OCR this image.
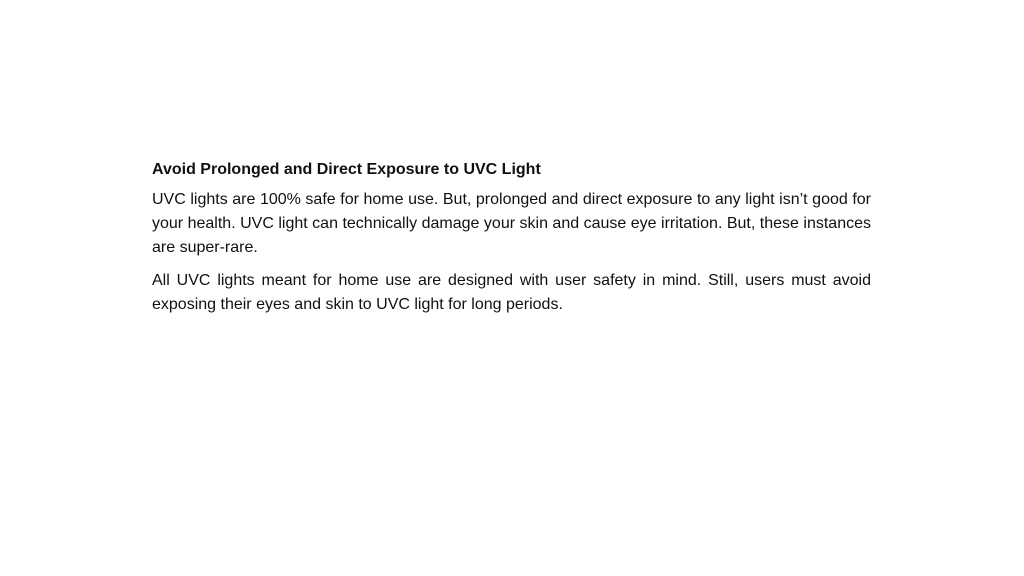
Avoid Prolonged and Direct Exposure to UVC Light

UVC lights are 100% safe for home use. But, prolonged and direct exposure to any light isn’t good for your health. UVC light can technically damage your skin and cause eye irritation. But, these instances are super-rare.

All UVC lights meant for home use are designed with user safety in mind. Still, users must avoid exposing their eyes and skin to UVC light for long periods.
